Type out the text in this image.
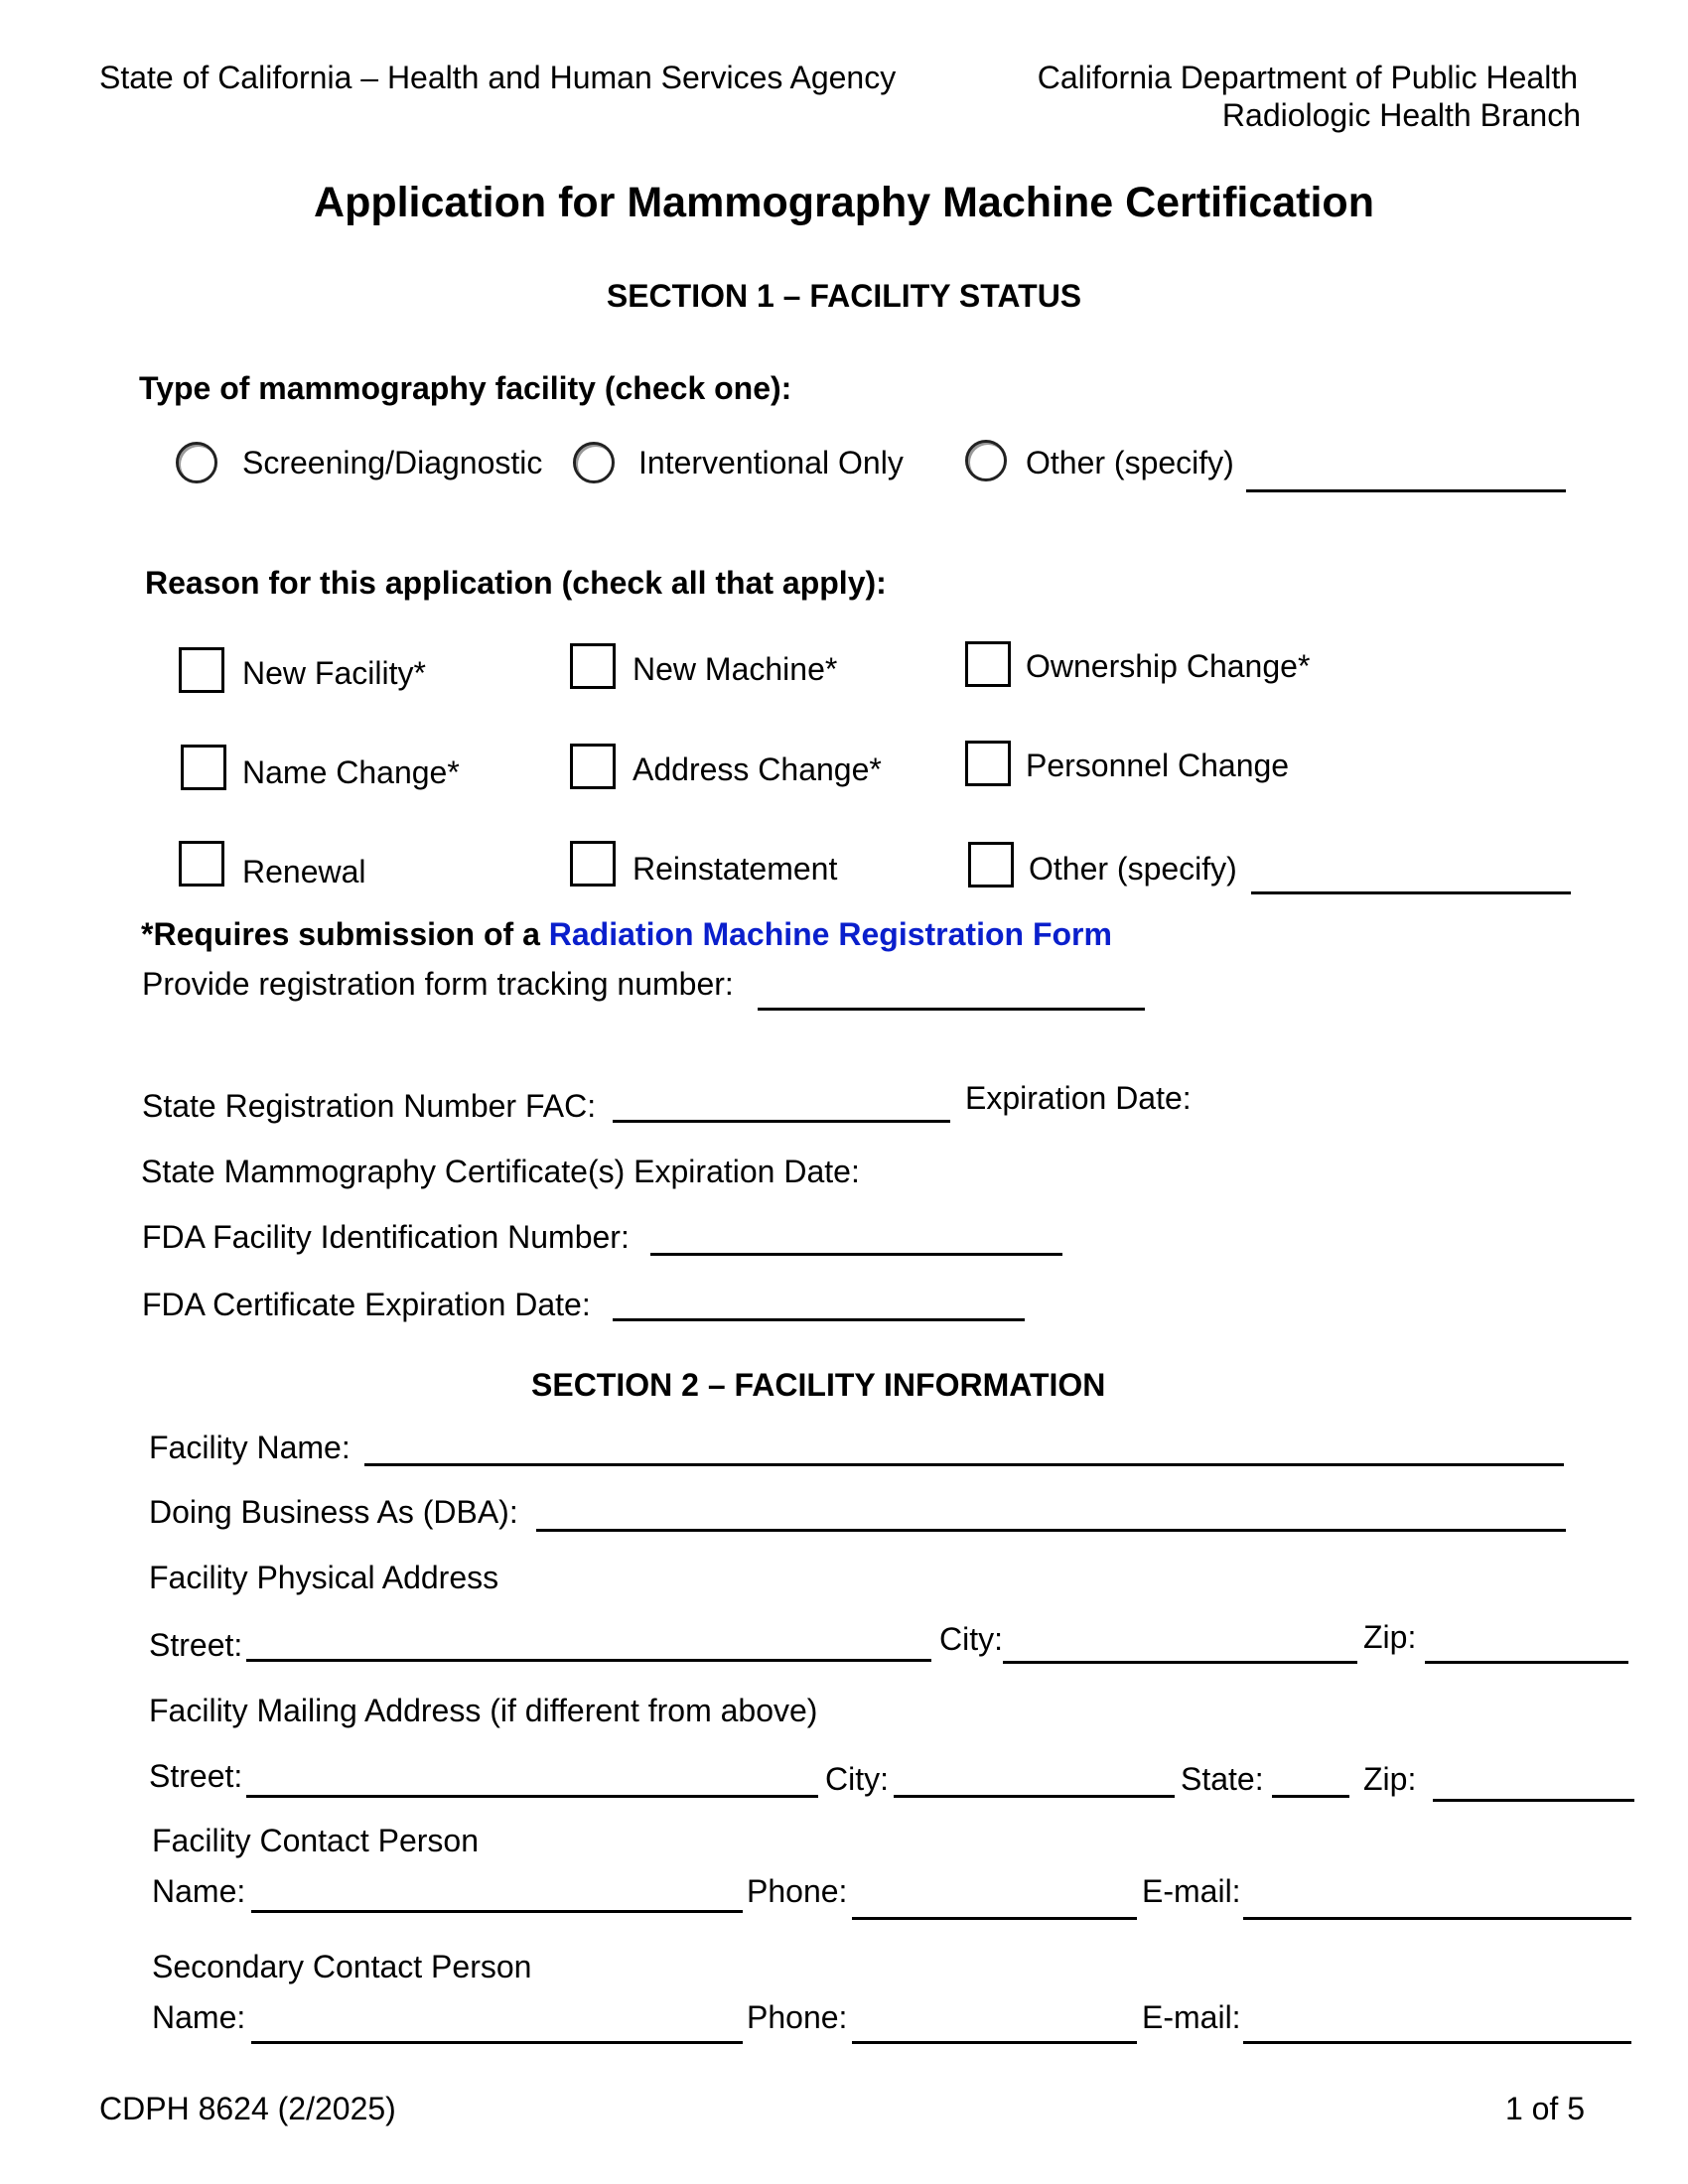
State of California – Health and Human Services Agency	California Department of Public Health
Radiologic Health Branch
Application for Mammography Machine Certification
SECTION 1 – FACILITY STATUS
Type of mammography facility (check one):
Screening/Diagnostic	Interventional Only	Other (specify)
Reason for this application (check all that apply):
New Facility*	New Machine*	Ownership Change*
Name Change*	Address Change*	Personnel Change
Renewal	Reinstatement	Other (specify)
*Requires submission of a Radiation Machine Registration Form
Provide registration form tracking number:
State Registration Number FAC:	Expiration Date:
State Mammography Certificate(s) Expiration Date:
FDA Facility Identification Number:
FDA Certificate Expiration Date:
SECTION 2 – FACILITY INFORMATION
Facility Name:
Doing Business As (DBA):
Facility Physical Address
Street:	City:	Zip:
Facility Mailing Address (if different from above)
Street:	City:	State:	Zip:
Facility Contact Person
Name:	Phone:	E-mail:
Secondary Contact Person
Name:	Phone:	E-mail:
CDPH 8624 (2/2025)	1 of 5
